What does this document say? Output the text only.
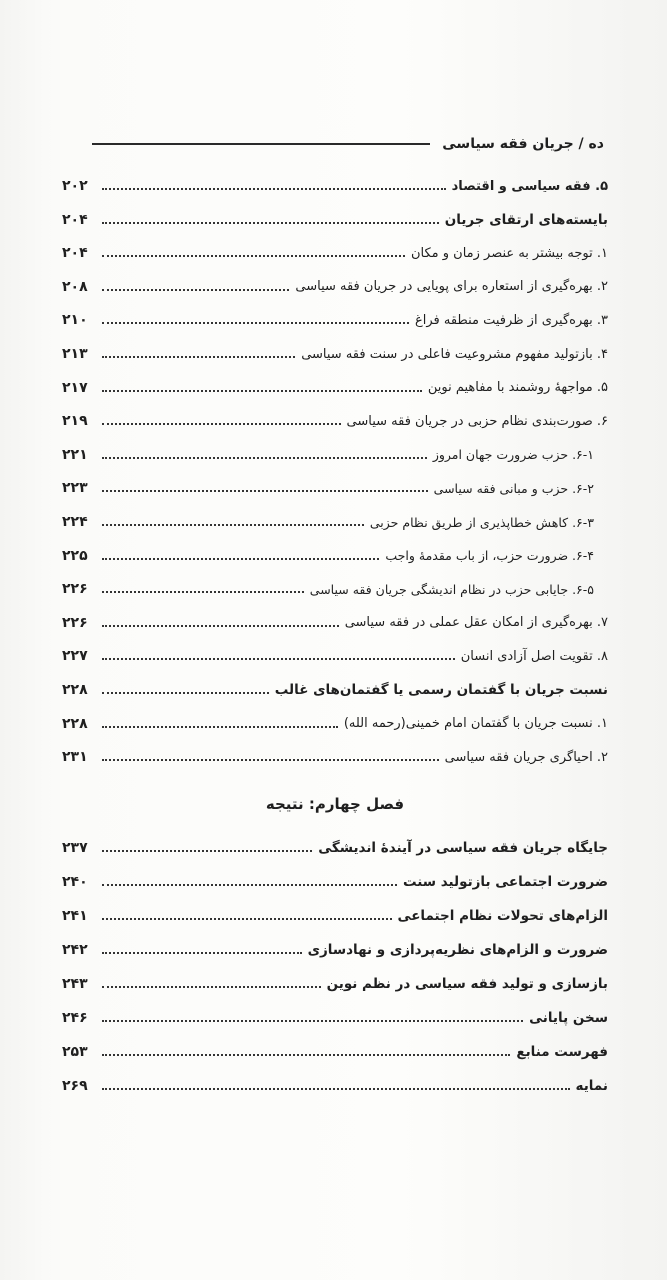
ده / جریان فقه سیاسی
۵. فقه سیاسی و اقتصاد
۲۰۲
بایسته‌های ارتقای جریان
۲۰۴
۱. توجه بیشتر به عنصر زمان و مکان
۲۰۴
۲. بهره‌گیری از استعاره برای پویایی در جریان فقه سیاسی
۲۰۸
۳. بهره‌گیری از ظرفیت منطقه فراغ
۲۱۰
۴. بازتولید مفهوم مشروعیت فاعلی در سنت فقه سیاسی
۲۱۳
۵. مواجههٔ روشمند با مفاهیم نوین
۲۱۷
۶. صورت‌بندی نظام حزبی در جریان فقه سیاسی
۲۱۹
۶-۱. حزب ضرورت جهان امروز
۲۲۱
۶-۲. حزب و مبانی فقه سیاسی
۲۲۳
۶-۳. کاهش خطاپذیری از طریق نظام حزبی
۲۲۴
۶-۴. ضرورت حزب، از باب مقدمهٔ واجب
۲۲۵
۶-۵. جایابی حزب در نظام اندیشگی جریان فقه سیاسی
۲۲۶
۷. بهره‌گیری از امکان عقل عملی در فقه سیاسی
۲۲۶
۸. تقویت اصل آزادی انسان
۲۲۷
نسبت جریان با گفتمان رسمی یا گفتمان‌های غالب
۲۲۸
۱. نسبت جریان با گفتمان امام خمینی(رحمه الله)
۲۲۸
۲. احیاگری جریان فقه سیاسی
۲۳۱
فصل چهارم: نتیجه
جایگاه جریان فقه سیاسی در آیندهٔ اندیشگی
۲۳۷
ضرورت اجتماعی بازتولید سنت
۲۴۰
الزام‌های تحولات نظام اجتماعی
۲۴۱
ضرورت و الزام‌های نظریه‌پردازی و نهادسازی
۲۴۲
بازسازی و تولید فقه سیاسی در نظم نوین
۲۴۳
سخن پایانی
۲۴۶
فهرست منابع
۲۵۳
نمایه
۲۶۹
